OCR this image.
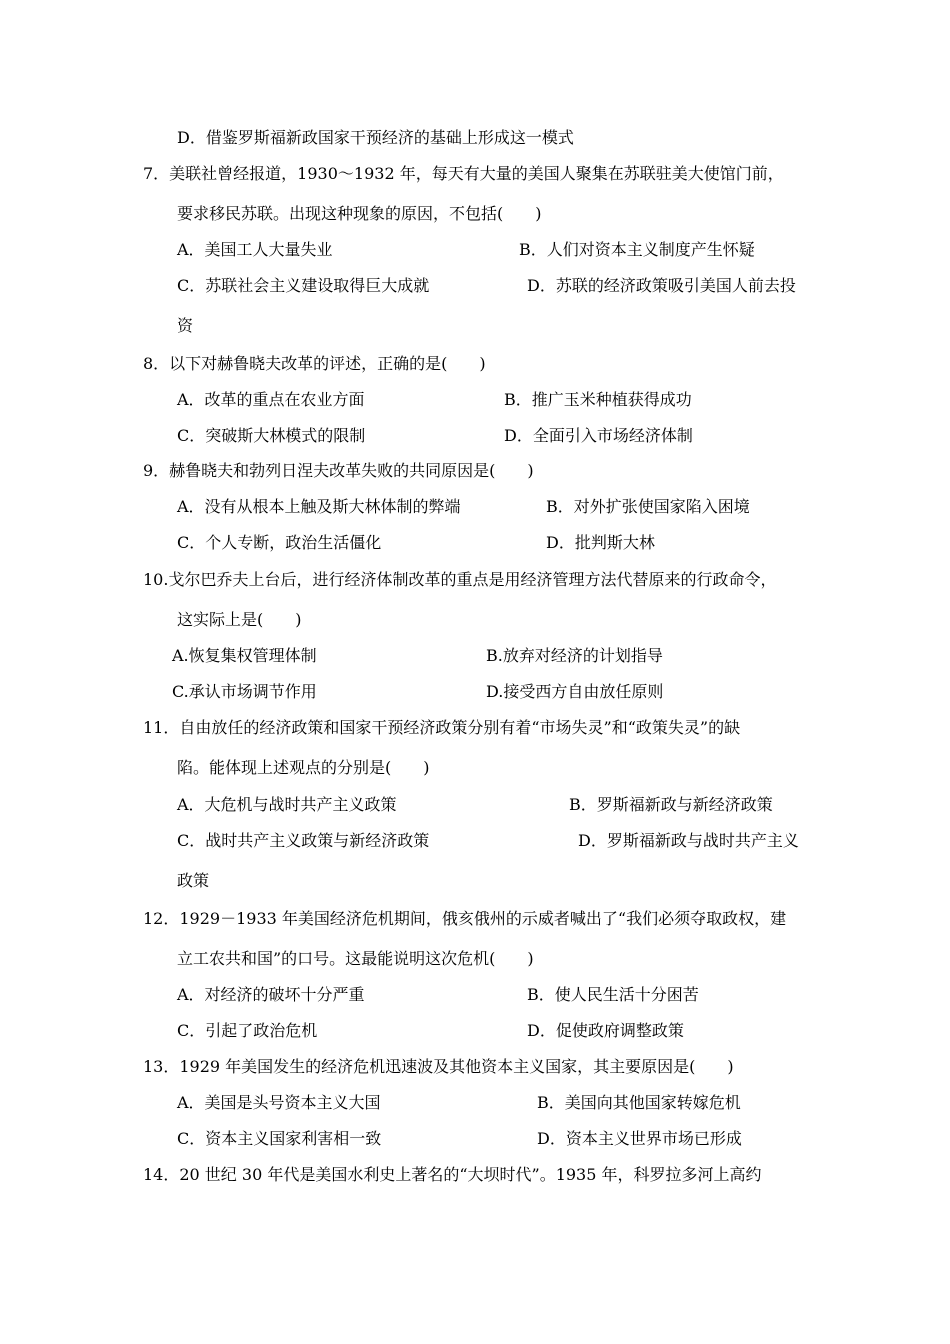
D．借鉴罗斯福新政国家干预经济的基础上形成这一模式
7．美联社曾经报道，1930～1932 年，每天有大量的美国人聚集在苏联驻美大使馆门前，
要求移民苏联。出现这种现象的原因，不包括(　　)
A．美国工人大量失业	B．人们对资本主义制度产生怀疑
C．苏联社会主义建设取得巨大成就	D．苏联的经济政策吸引美国人前去投
资
8．以下对赫鲁晓夫改革的评述，正确的是(　　)
A．改革的重点在农业方面	B．推广玉米种植获得成功
C．突破斯大林模式的限制	D．全面引入市场经济体制
9．赫鲁晓夫和勃列日涅夫改革失败的共同原因是(　　)
A．没有从根本上触及斯大林体制的弊端	B．对外扩张使国家陷入困境
C．个人专断，政治生活僵化	D．批判斯大林
10.戈尔巴乔夫上台后，进行经济体制改革的重点是用经济管理方法代替原来的行政命令，
这实际上是(　　)
A.恢复集权管理体制	B.放弃对经济的计划指导
C.承认市场调节作用	D.接受西方自由放任原则
11．自由放任的经济政策和国家干预经济政策分别有着“市场失灵”和“政策失灵”的缺
陷。能体现上述观点的分别是(　　)
A．大危机与战时共产主义政策	B．罗斯福新政与新经济政策
C．战时共产主义政策与新经济政策	D．罗斯福新政与战时共产主义
政策
12．1929－1933 年美国经济危机期间，俄亥俄州的示威者喊出了“我们必须夺取政权，建
立工农共和国”的口号。这最能说明这次危机(　　)
A．对经济的破坏十分严重	B．使人民生活十分困苦
C．引起了政治危机	D．促使政府调整政策
13．1929 年美国发生的经济危机迅速波及其他资本主义国家，其主要原因是(　　)
A．美国是头号资本主义大国	B．美国向其他国家转嫁危机
C．资本主义国家利害相一致	D．资本主义世界市场已形成
14．20 世纪 30 年代是美国水利史上著名的“大坝时代”。1935 年，科罗拉多河上高约
